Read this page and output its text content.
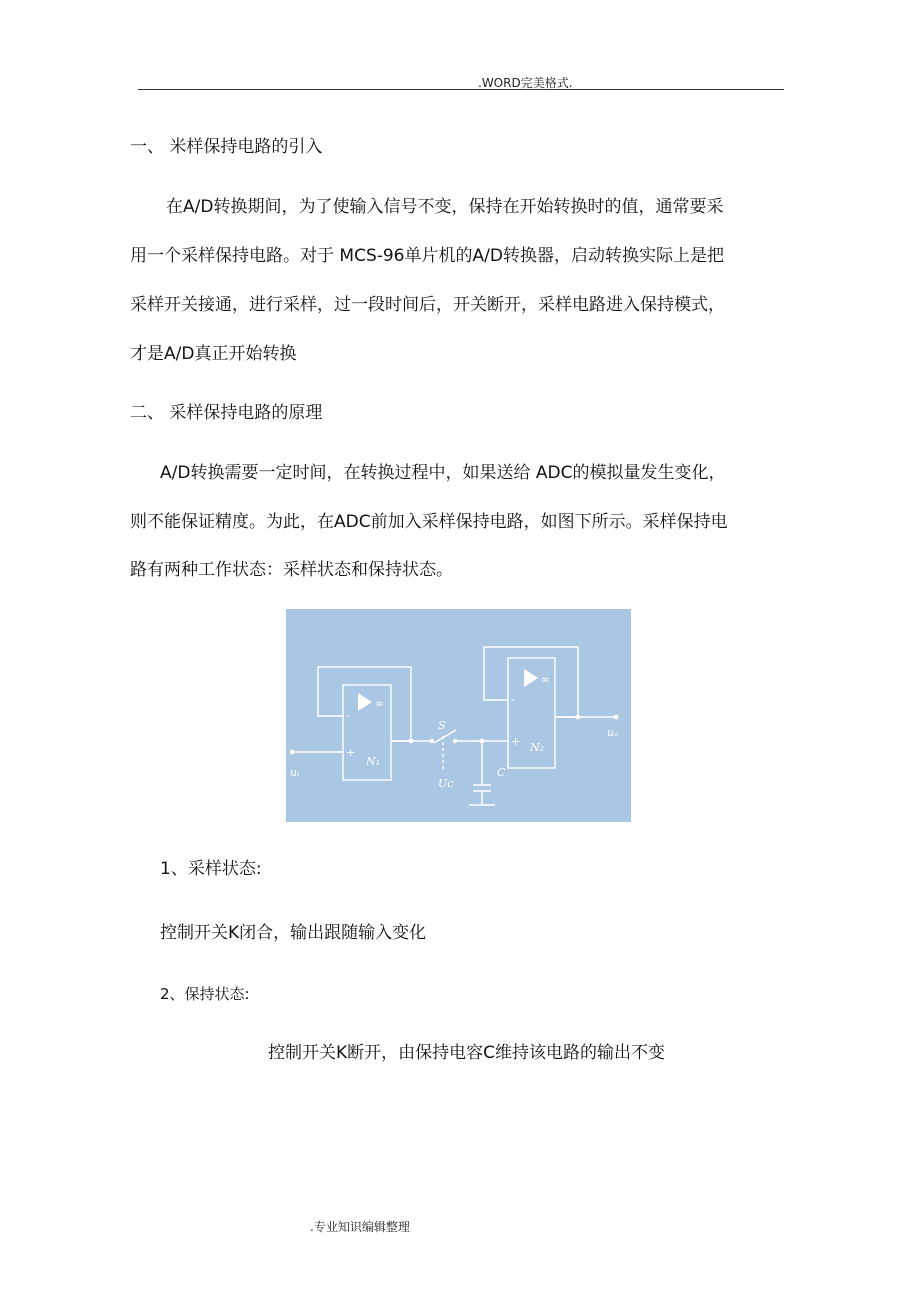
.WORD完美格式.
一、 米样保持电路的引入
在A/D转换期间，为了使输入信号不变，保持在开始转换时的值，通常要采
用一个采样保持电路。对于 MCS-96单片机的A/D转换器，启动转换实际上是把
采样开关接通，进行采样，过一段时间后，开关断开，采样电路进入保持模式，
才是A/D真正开始转换
二、 采样保持电路的原理
A/D转换需要一定时间，在转换过程中，如果送给 ADC的模拟量发生变化，
则不能保证精度。为此，在ADC前加入采样保持电路，如图下所示。采样保持电
路有两种工作状态：采样状态和保持状态。
∞
∞
-
+
-
+
N₁
N₂
uᵢ
uₒ
S
Uc
C
1、采样状态:
控制开关K闭合，输出跟随输入变化
2、保持状态:
控制开关K断开，由保持电容C维持该电路的输出不变
.专业知识编辑整理
